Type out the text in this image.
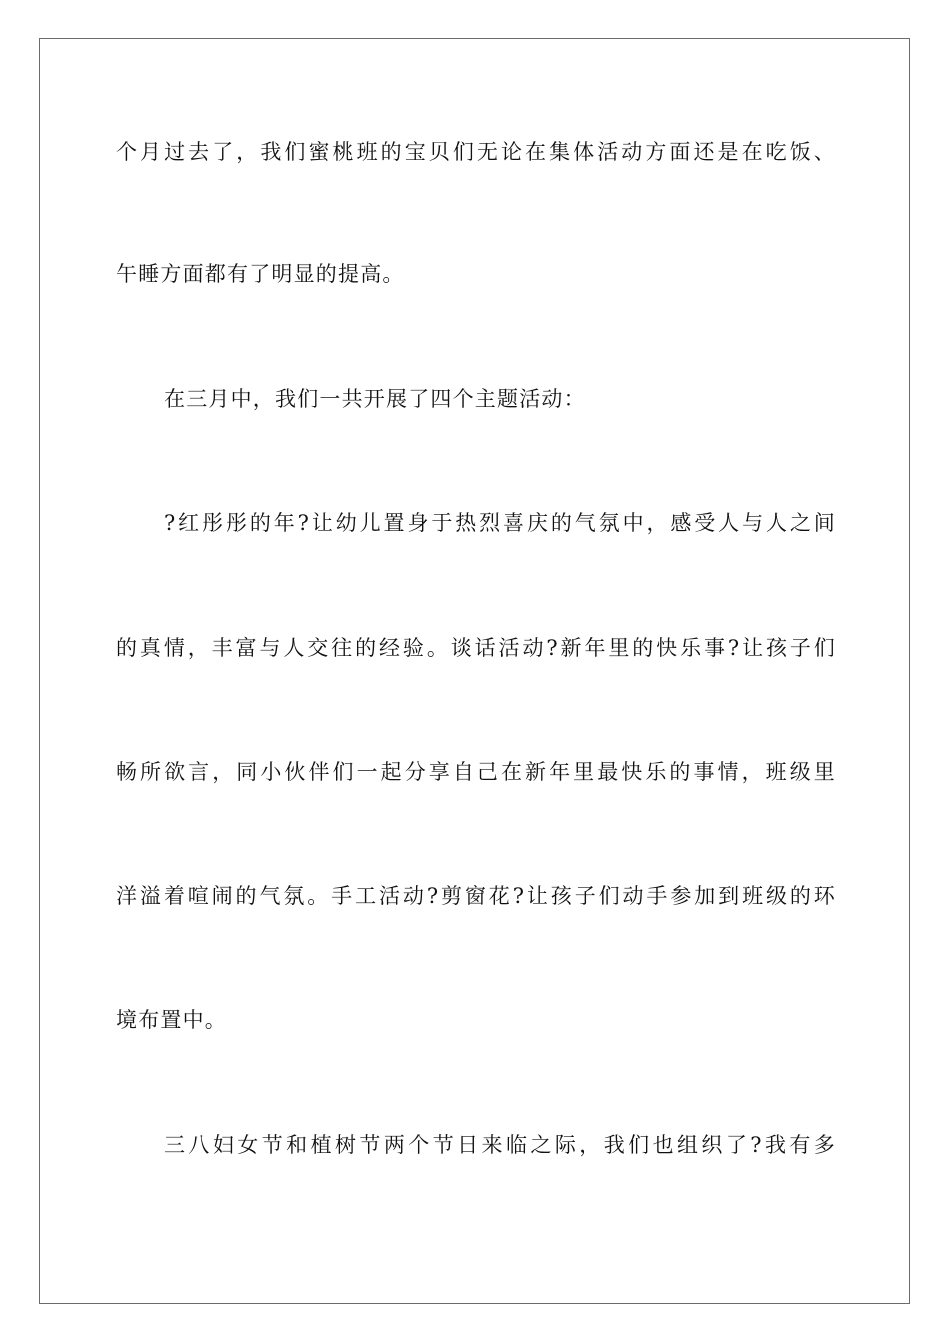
个月过去了，我们蜜桃班的宝贝们无论在集体活动方面还是在吃饭、
午睡方面都有了明显的提高。
在三月中，我们一共开展了四个主题活动：
?红彤彤的年?让幼儿置身于热烈喜庆的气氛中，感受人与人之间
的真情，丰富与人交往的经验。谈话活动?新年里的快乐事?让孩子们
畅所欲言，同小伙伴们一起分享自己在新年里最快乐的事情，班级里
洋溢着喧闹的气氛。手工活动?剪窗花?让孩子们动手参加到班级的环
境布置中。
三八妇女节和植树节两个节日来临之际，我们也组织了?我有多
